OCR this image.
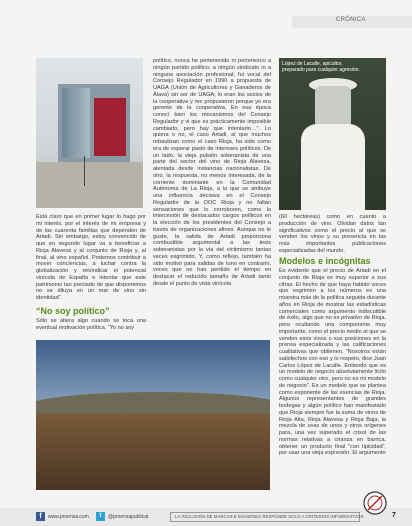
CRÓNICA

Está claro que en primer lugar lo hago por mi interés, por el interés de mi empresa y de las cuarenta familias que dependen de Artadi. Sin embargo, estoy convencido de que en segundo lugar va a beneficiar a Rioja Alavesa y al conjunto de Rioja y, al final, al vino español. Podemos contribuir a mover conciencias, a luchar contra la globalización y reivindicar el potencial vinícola de España e intentar que este patrimonio tan preciado de que disponemos no se diluya en un mar de vino sin identidad”.

“No soy político”

Sólo se altera algo cuando se toca una eventual motivación política. “Yo no soy

político, nunca he pertenecido ni pertenezco a ningún partido político, a ningún sindicato ni a ninguna asociación profesional; fui vocal del Consejo Regulador en 1990 a propuesta de UAGA (Unión de Agricultores y Ganaderos de Álava) sin ser de UAGA; lo eran los socios de la cooperativa y me propusieron porque yo era gerente de la cooperativa. En esa época conocí bien los mecanismos del Consejo Regulador y vi que es prácticamente imposible cambiarlo, pero hay que intentarlo…”. Lo quiera o no, el caso Artadi, al que muchos rebautizan como el caso Rioja, ha sido como era de esperar pasto de intereses políticos. De un lado, la vieja pulsión soberanista de una parte del sector del vino de Rioja Alavesa, alentada desde instancias nacionalistas. De otro, la respuesta, no menos interesada, de la corriente dominante en la Comunidad Autónoma de La Rioja, a la que se atribuye una influencia decisiva en el Consejo Regulador de la DOC Rioja y no faltan sensaciones que lo corroboren, como la intercesión de destacados cargos políticos en la elección de los presidentes del Consejo a través de organizaciones afines. Aunque no le guste, la salida de Artadi proporciona combustible argumental a las tesis soberanistas por la vía del victimismo tantas veces esgrimido. Y, como reflejo, también ha sido motivo para salidas de tono en contrario, voces que no han perdido el tiempo en destacar el reducido tamaño de Artadi tanto desde el punto de vista vinícola

López de Lacalle, apicultor, preparado para cualquier agresión.

(60 hectáreas) como en cuanto a producción de vino. Olvidan datos tan significativos como el precio al que se venden los vinos y su presencia en las más importantes publicaciones especializadas del mundo.

Modelos e incógnitas

Es evidente que el precio de Artadi en el conjunto de Rioja es muy superior a sus cifras. El hecho de que haya habido voces que esgrimen a los números es una muestra más de la política seguida durante años en Rioja de mostrar las estadísticas comerciales como argumento indiscutible de éxito, algo que no es privativo de Rioja, pero ocultando una componente muy importante, como el precio medio al que se venden esos vinos o sus posiciones en la prensa especializada y las calificaciones cualitativas que obtienen. “Nosotros están satisfechos con eso y lo respeto, dice Juan Carlos López de Lacalle. Entiendo que es un modelo de negocio absolutamente lícito como cualquier otro, pero no es mi modelo de negocio”. Es un modelo que se plantea como exponente de las esencias de Rioja. Algunos representantes de grandes bodegas y algún político han manifestado que Rioja siempre fue la suma de vinos de Rioja Alta, Rioja Alavesa y Rioja Baja, la mezcla de uvas de unos y otros orígenes para, una vez superado el crisol de las normas relativas a crianza en barrica, obtener un producto final “con tipicidad”, por usar una vieja expresión. El argumento

f	www.proensa.com	t	@proensapublicat	LA INCLUSIÓN DE MARCAS E IMÁGENES RESPONDE SOLO A CRITERIOS INFORMATIVOS	7
